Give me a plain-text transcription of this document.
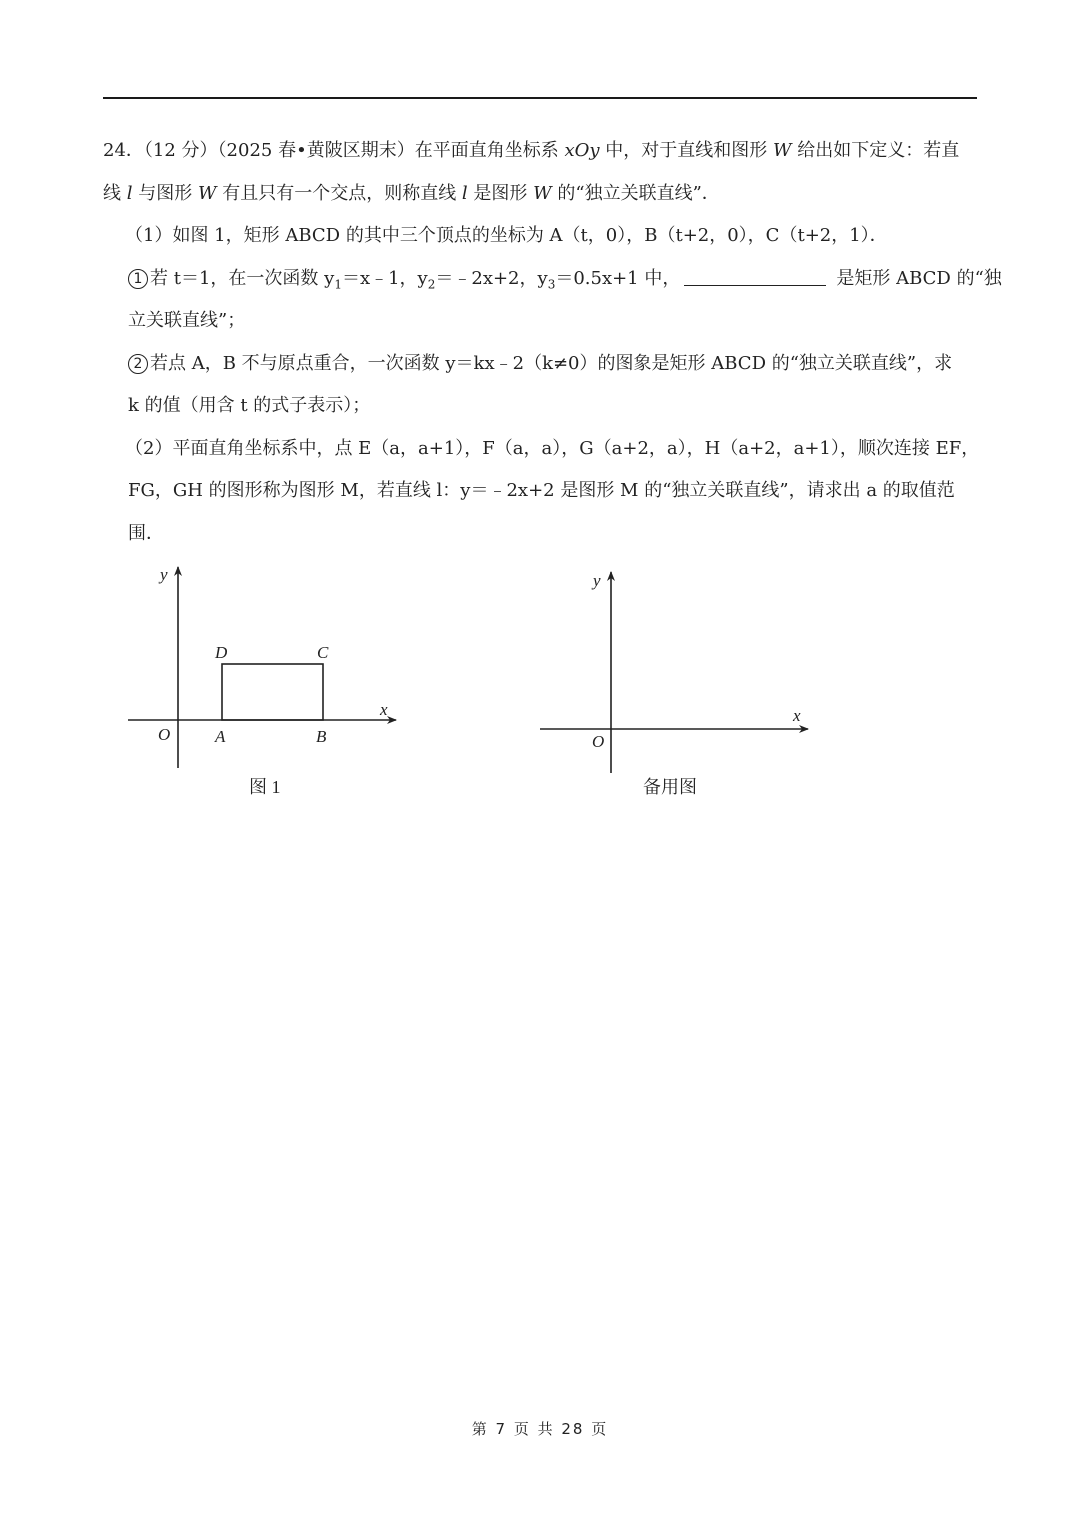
24．（12 分）（2025 春•黄陂区期末）在平面直角坐标系 xOy 中，对于直线和图形 W 给出如下定义：若直
线 l 与图形 W 有且只有一个交点，则称直线 l 是图形 W 的“独立关联直线”．
（1）如图 1，矩形 ABCD 的其中三个顶点的坐标为 A（t，0），B（t+2，0），C（t+2，1）．
1 若 t＝1，在一次函数 $y_1=x﹣1$，$y_2=﹣2x+2$，$y_3=0.5x+1$ 中，	是矩形 ABCD 的“独
立关联直线”；
2 若点 A，B 不与原点重合，一次函数 y＝kx﹣2（k≠0）的图象是矩形 ABCD 的“独立关联直线”，求
k 的值（用含 t 的式子表示）；
（2）平面直角坐标系中，点 E（a，a+1），F（a，a），G（a+2，a），H（a+2，a+1），顺次连接 EF，
FG，GH 的图形称为图形 M，若直线 l：y＝﹣2x+2 是图形 M 的“独立关联直线”，请求出 a 的取值范
围．
y
x
O	A	B
C
D
图 1
y
x
O
备用图
第 7 页 共 28 页
